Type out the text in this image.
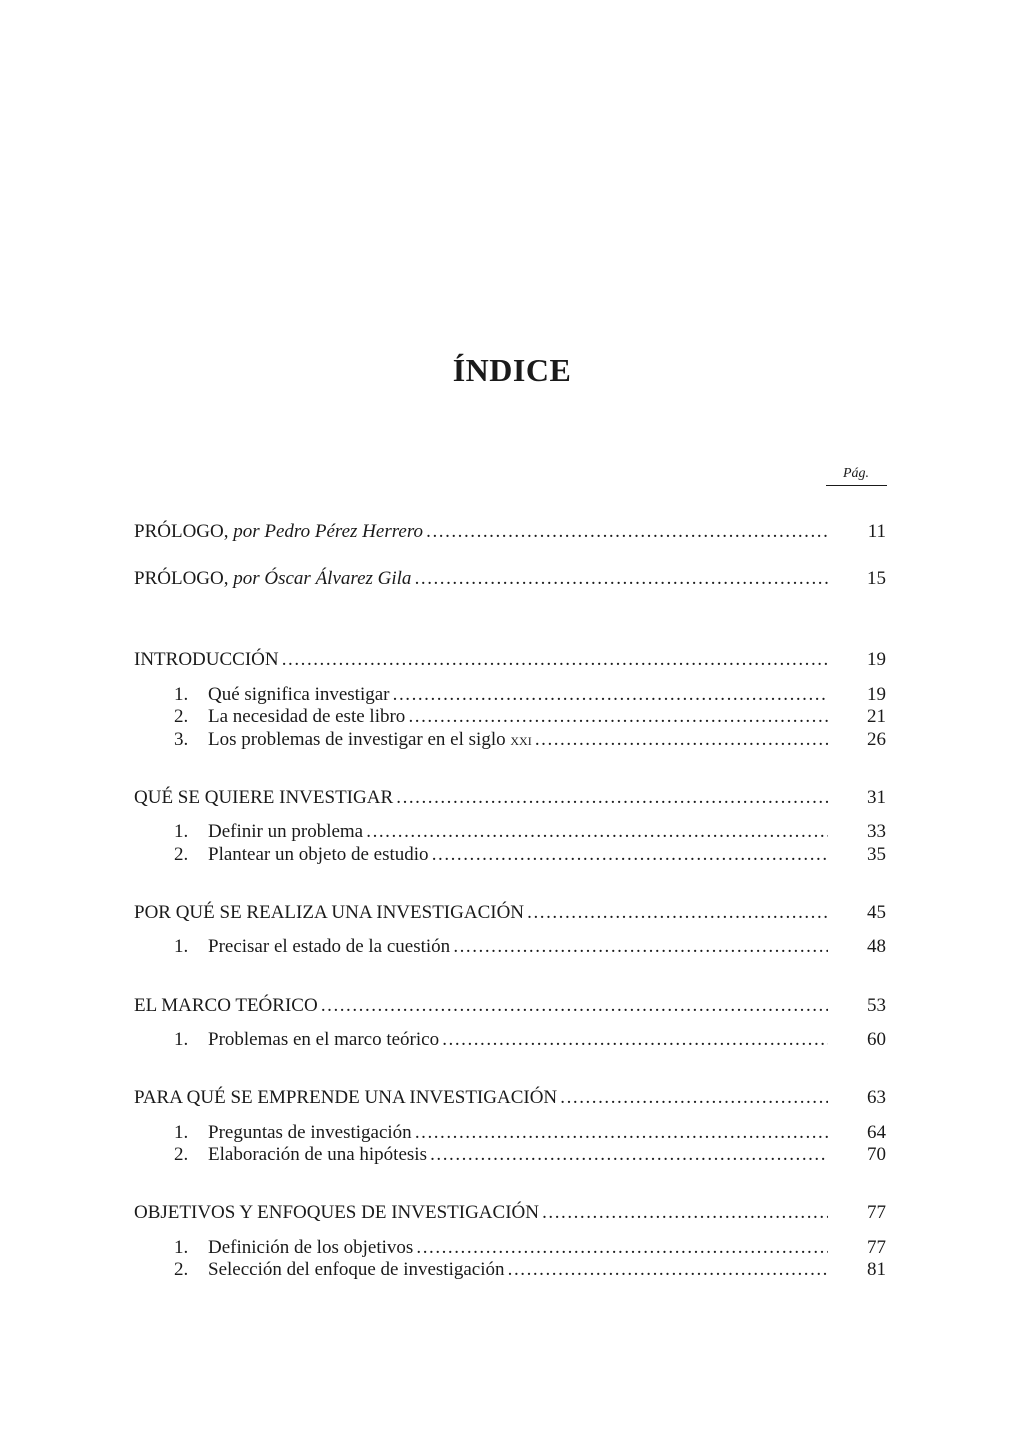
ÍNDICE
Pág.
PRÓLOGO, por Pedro Pérez Herrero . . .	11
PRÓLOGO, por Óscar Álvarez Gila . . .	15
INTRODUCCIÓN . . .	19
1. Qué significa investigar . . .	19
2. La necesidad de este libro . . .	21
3. Los problemas de investigar en el siglo xxi . . .	26
QUÉ SE QUIERE INVESTIGAR . . .	31
1. Definir un problema . . .	33
2. Plantear un objeto de estudio . . .	35
POR QUÉ SE REALIZA UNA INVESTIGACIÓN . . .	45
1. Precisar el estado de la cuestión . . .	48
EL MARCO TEÓRICO . . .	53
1. Problemas en el marco teórico . . .	60
PARA QUÉ SE EMPRENDE UNA INVESTIGACIÓN . . .	63
1. Preguntas de investigación . . .	64
2. Elaboración de una hipótesis . . .	70
OBJETIVOS Y ENFOQUES DE INVESTIGACIÓN . . .	77
1. Definición de los objetivos . . .	77
2. Selección del enfoque de investigación . . .	81
